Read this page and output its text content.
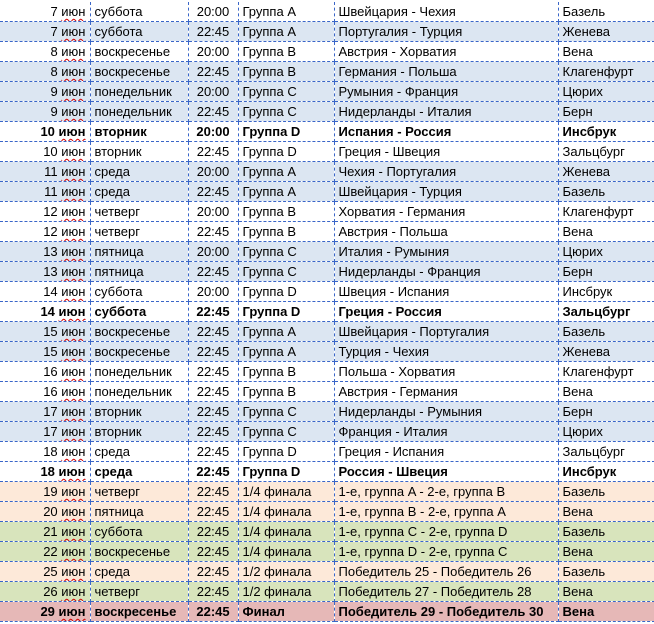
7 июн	суббота	20:00	Группа A	Швейцария - Чехия	Базель
7 июн	суббота	22:45	Группа A	Португалия - Турция	Женева
8 июн	воскресенье	20:00	Группа B	Австрия - Хорватия	Вена
8 июн	воскресенье	22:45	Группа B	Германия - Польша	Клагенфурт
9 июн	понедельник	20:00	Группа C	Румыния - Франция	Цюрих
9 июн	понедельник	22:45	Группа C	Нидерланды - Италия	Берн
10 июн	вторник	20:00	Группа D	Испания - Россия	Инсбрук
10 июн	вторник	22:45	Группа D	Греция - Швеция	Зальцбург
11 июн	среда	20:00	Группа A	Чехия - Португалия	Женева
11 июн	среда	22:45	Группа A	Швейцария - Турция	Базель
12 июн	четверг	20:00	Группа B	Хорватия - Германия	Клагенфурт
12 июн	четверг	22:45	Группа B	Австрия - Польша	Вена
13 июн	пятница	20:00	Группа C	Италия - Румыния	Цюрих
13 июн	пятница	22:45	Группа C	Нидерланды - Франция	Берн
14 июн	суббота	20:00	Группа D	Швеция - Испания	Инсбрук
14 июн	суббота	22:45	Группа D	Греция - Россия	Зальцбург
15 июн	воскресенье	22:45	Группа A	Швейцария - Португалия	Базель
15 июн	воскресенье	22:45	Группа A	Турция - Чехия	Женева
16 июн	понедельник	22:45	Группа B	Польша - Хорватия	Клагенфурт
16 июн	понедельник	22:45	Группа B	Австрия - Германия	Вена
17 июн	вторник	22:45	Группа C	Нидерланды - Румыния	Берн
17 июн	вторник	22:45	Группа C	Франция - Италия	Цюрих
18 июн	среда	22:45	Группа D	Греция - Испания	Зальцбург
18 июн	среда	22:45	Группа D	Россия - Швеция	Инсбрук
19 июн	четверг	22:45	1/4 финала	1-е, группа A - 2-е, группа B	Базель
20 июн	пятница	22:45	1/4 финала	1-е, группа B - 2-е, группа A	Вена
21 июн	суббота	22:45	1/4 финала	1-е, группа C - 2-е, группа D	Базель
22 июн	воскресенье	22:45	1/4 финала	1-е, группа D - 2-е, группа C	Вена
25 июн	среда	22:45	1/2 финала	Победитель 25 - Победитель 26	Базель
26 июн	четверг	22:45	1/2 финала	Победитель 27 - Победитель 28	Вена
29 июн	воскресенье	22:45	Финал	Победитель 29 - Победитель 30	Вена
